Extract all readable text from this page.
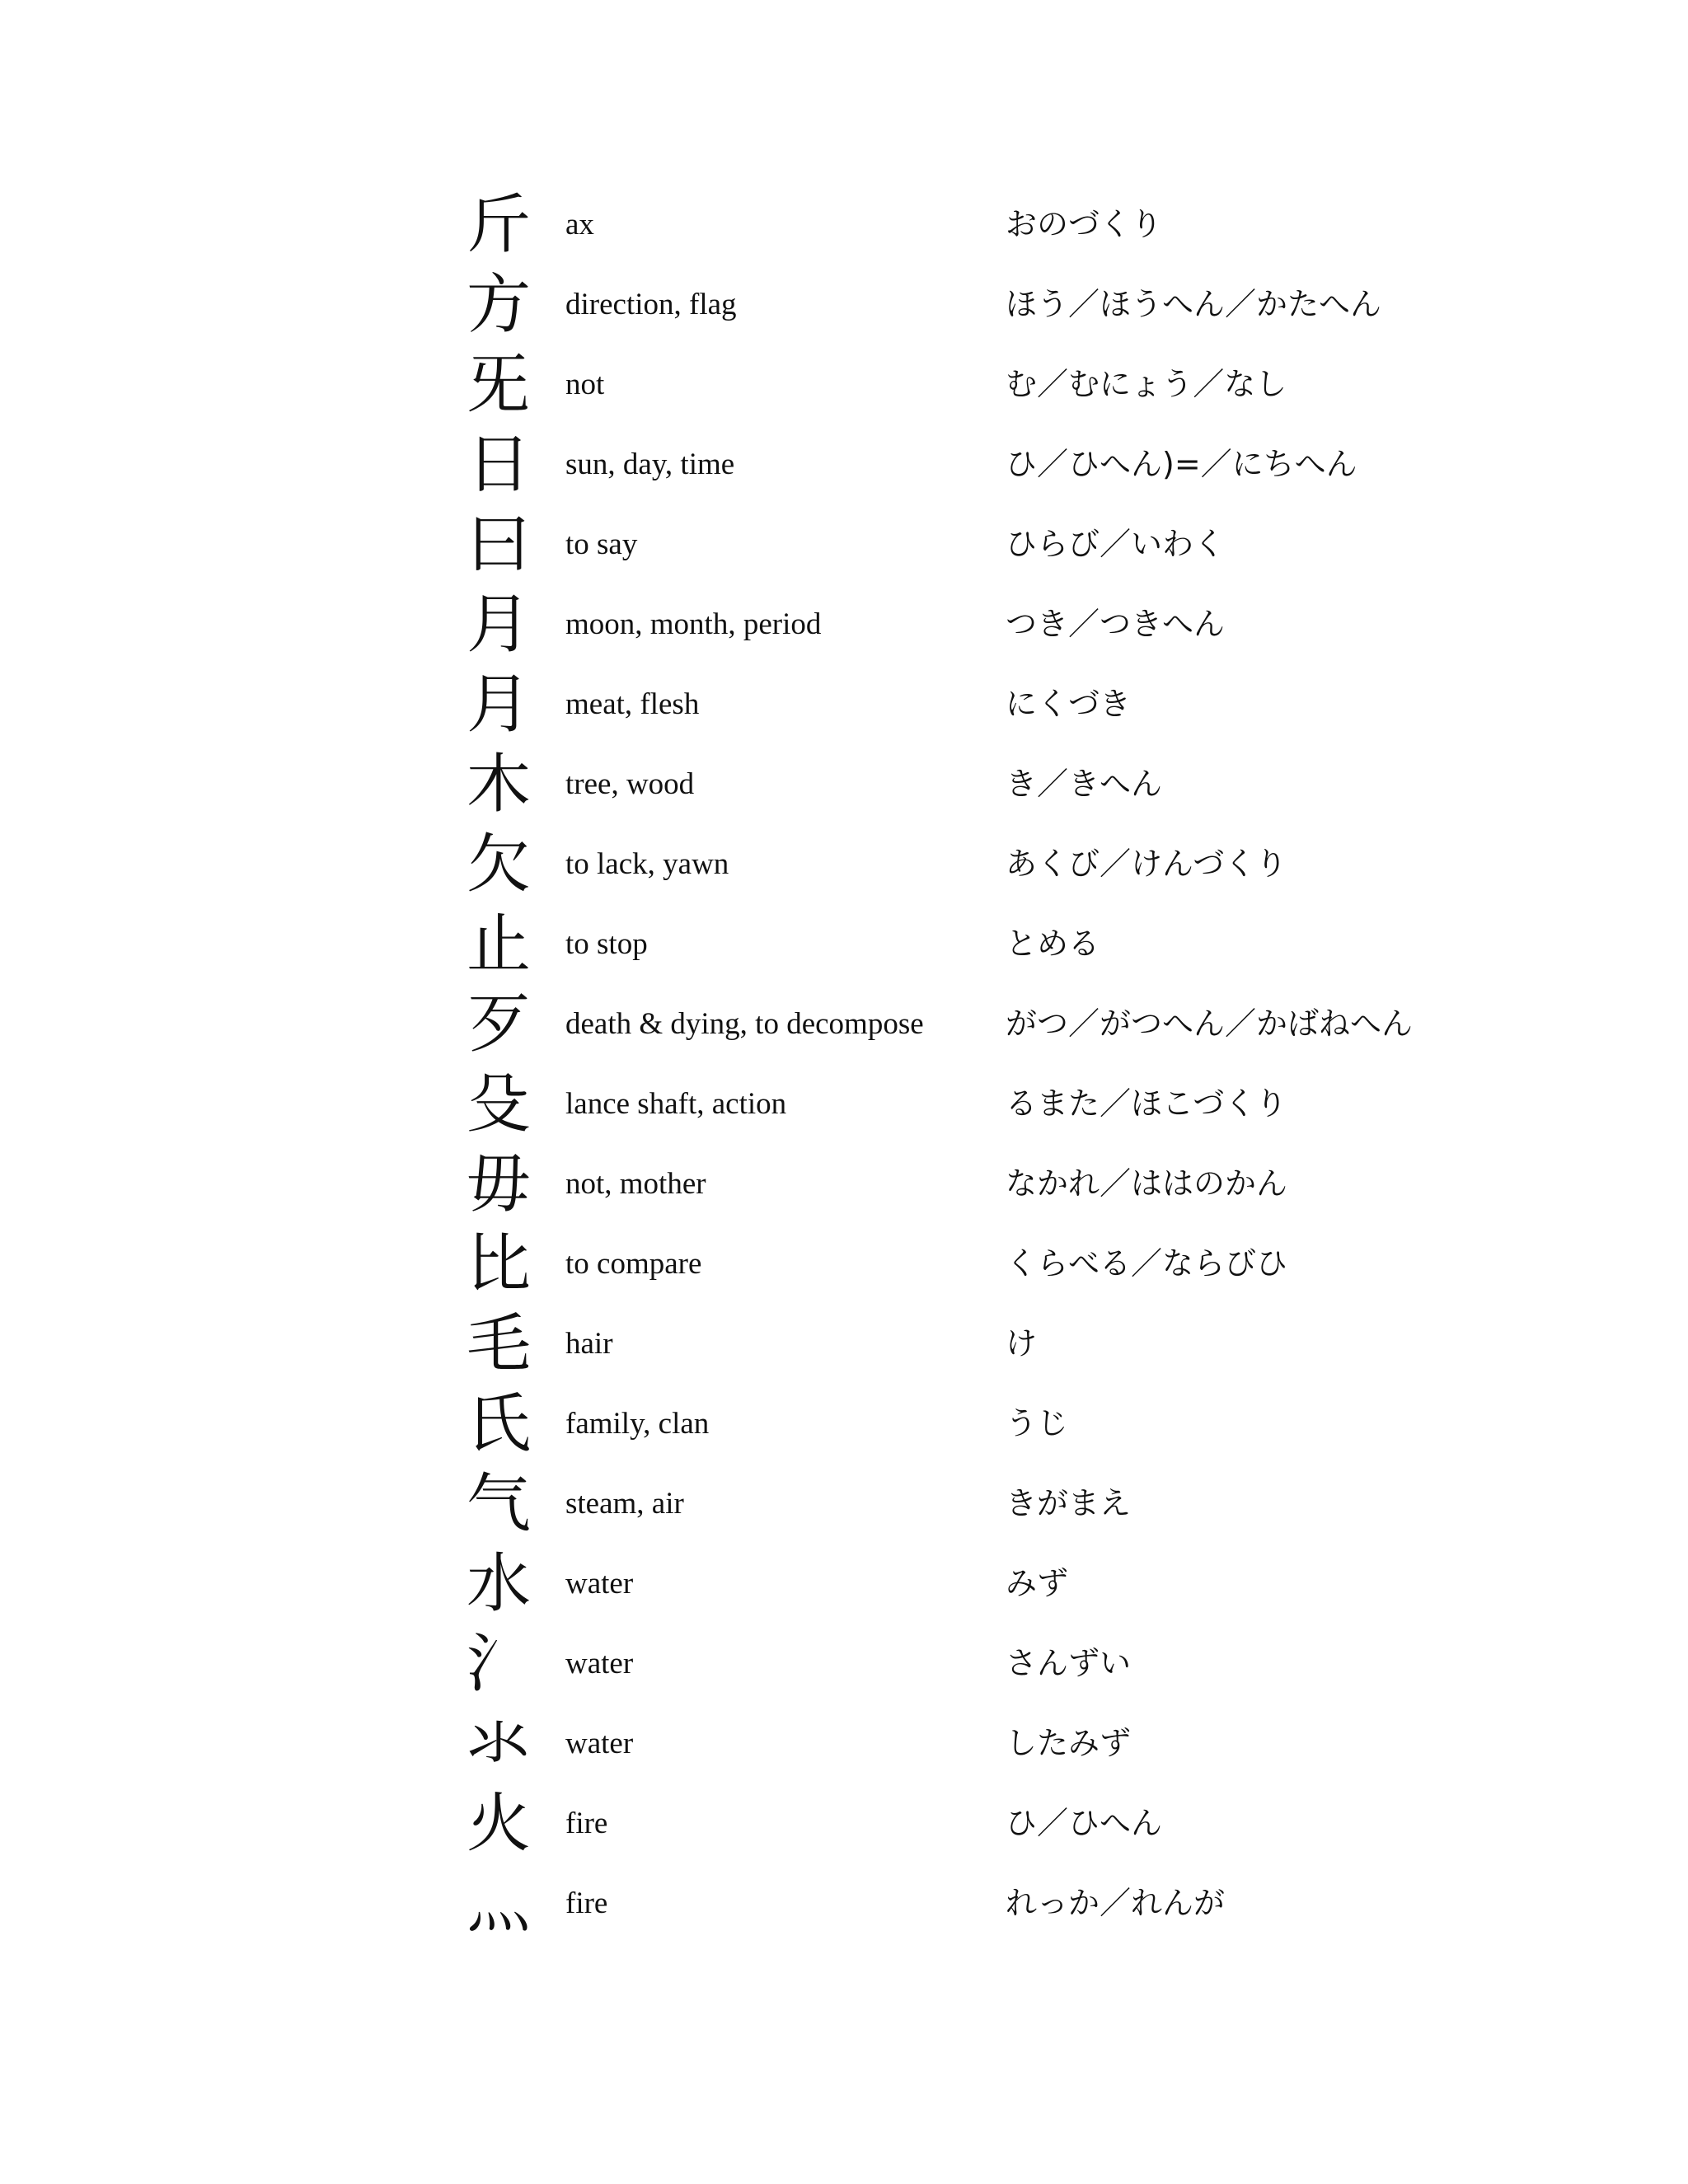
斤	ax	おのづくり
方	direction, flag	ほう／ほうへん／かたへん
旡	not	む／むにょう／なし
日	sun, day, time	ひ／ひへん)=／にちへん
曰	to say	ひらび／いわく
月	moon, month, period	つき／つきへん
月	meat, flesh	にくづき
木	tree, wood	き／きへん
欠	to lack, yawn	あくび／けんづくり
止	to stop	とめる
歹	death & dying, to decompose	がつ／がつへん／かばねへん
殳	lance shaft, action	るまた／ほこづくり
毋	not, mother	なかれ／ははのかん
比	to compare	くらべる／ならびひ
毛	hair	け
氏	family, clan	うじ
气	steam, air	きがまえ
水	water	みず
氵	water	さんずい
氺	water	したみず
火	fire	ひ／ひへん
灬	fire	れっか／れんが
